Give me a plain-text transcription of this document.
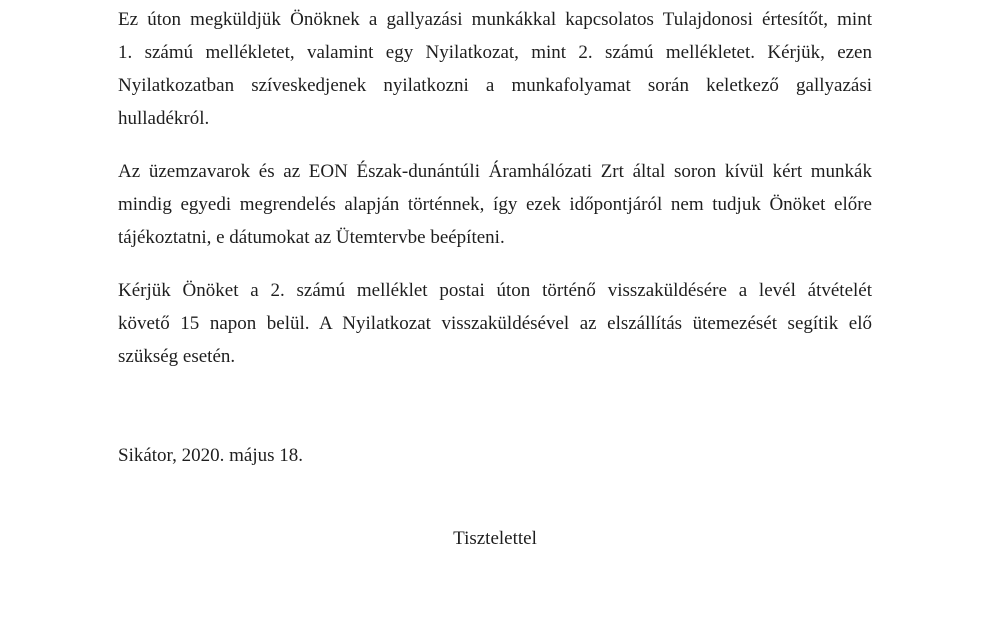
Ez úton megküldjük Önöknek a gallyazási munkákkal kapcsolatos Tulajdonosi értesítőt, mint
1. számú mellékletet, valamint egy Nyilatkozat, mint 2. számú mellékletet. Kérjük, ezen
Nyilatkozatban szíveskedjenek nyilatkozni a munkafolyamat során keletkező gallyazási
hulladékról.
Az üzemzavarok és az EON Észak-dunántúli Áramhálózati Zrt által soron kívül kért munkák
mindig egyedi megrendelés alapján történnek, így ezek időpontjáról nem tudjuk Önöket előre
tájékoztatni, e dátumokat az Ütemtervbe beépíteni.
Kérjük Önöket a 2. számú melléklet postai úton történő visszaküldésére a levél átvételét
követő 15 napon belül. A Nyilatkozat visszaküldésével az elszállítás ütemezését segítik elő
szükség esetén.
Sikátor, 2020. május 18.
Tisztelettel
